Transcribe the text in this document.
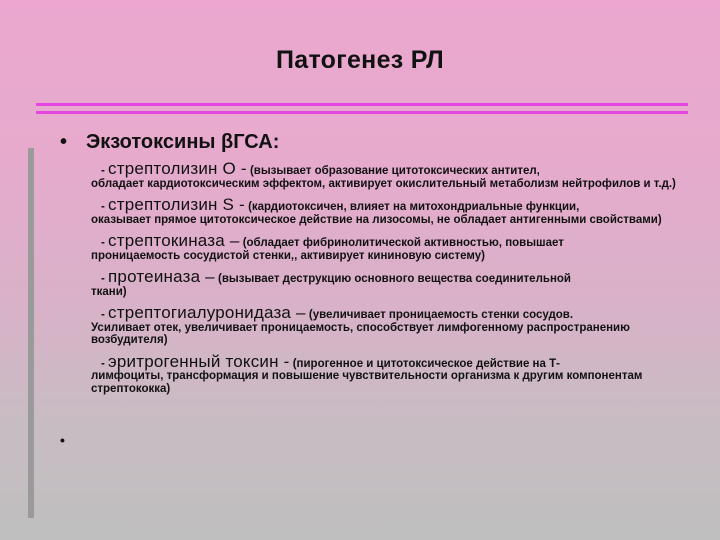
Патогенез РЛ
• Экзотоксины βГСА:
- стрептолизин О - (вызывает образование цитотоксических антител,
обладает кардиотоксическим эффектом, активирует окислительный метаболизм нейтрофилов и т.д.)
- стрептолизин S - (кардиотоксичен, влияет на митохондриальные функции,
оказывает прямое цитотоксическое действие на лизосомы, не обладает антигенными свойствами)
- стрептокиназа – (обладает фибринолитической активностью, повышает
проницаемость сосудистой стенки,, активирует кининовую систему)
- протеиназа – (вызывает деструкцию основного вещества соединительной
ткани)
- стрептогиалуронидаза – (увеличивает проницаемость стенки сосудов.
Усиливает отек, увеличивает проницаемость, способствует лимфогенному распространению возбудителя)
- эритрогенный токсин - (пирогенное и цитотоксическое действие на Т-
лимфоциты, трансформация и повышение чувствительности организма к другим компонентам стрептококка)
•
